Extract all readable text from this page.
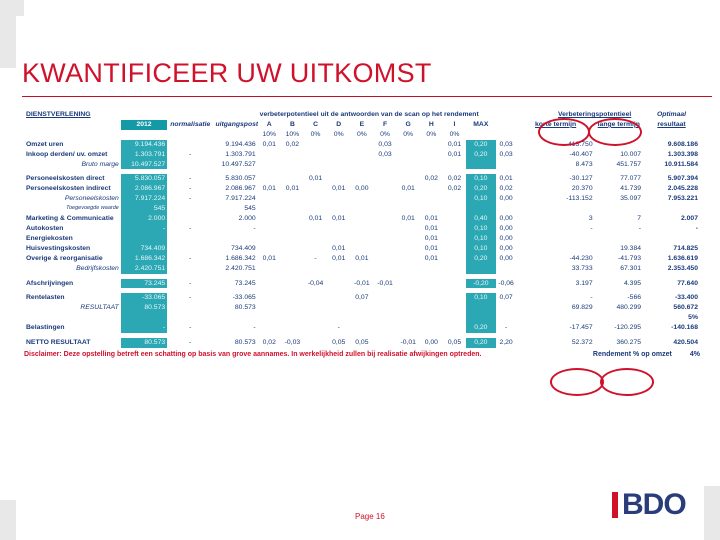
KWANTIFICEER UW UITKOMST
DIENSTVERLENING				verbeterpotentieel uit de antwoorden van de scan op het rendement												Verbeteringspotentieel		Optimaal
	2012	normalisatie	uitgangspost	A	B	C	D	E	F	G	H	I	MAX		korte termijn		lange termijn	resultaat
				10%	10%	0%	0%	0%	0%	0%	0%	0%						
Omzet uren	9.194.436		9.194.436	0,01	0,02				0,03			0,01	0,20	0,03		413.750		9.608.186
Inkoop derden/ uv. omzet	1.303.791	-	1.303.791						0,03			0,01	0,20	0,03		-40.407	10.007	1.303.398
Bruto marge	10.497.527		10.497.527													8.473	451.757	10.911.584

Personeelskosten direct	5.830.057	-	5.830.057			0,01					0,02	0,02	0,10	0,01		-30.127	77.077	5.907.394
Personeelskosten indirect	2.086.967	-	2.086.967	0,01	0,01		0,01	0,00		0,01		0,02	0,20	0,02		20.370	41.739	2.045.228
Personeelskosten	7.917.224	-	7.917.224										0,10	0,00		-113.152	35.097	7.953.221
Toegevoegde waarde	545		545															
Marketing & Communicatie	2.000		2.000			0,01	0,01			0,01	0,01		0,40	0,00		3	7	2.007
Autokosten	-	-	-								0,01		0,10	0,00		-	-	-
Energiekosten											0,01		0,10	0,00				
Huisvestingskosten	734.409		734.409				0,01				0,01		0,10	0,00			19.384	714.825
Overige & reorganisatie	1.686.342	-	1.686.342	0,01		-	0,01	0,01			0,01		0,20	0,00		-44.230	-41.793	1.636.619
Bedrijfskosten	2.420.751		2.420.751													33.733	67.301	2.353.450

Afschrijvingen	73.245	-	73.245			-0,04		-0,01	-0,01				-0,20	-0,06		3.197	4.395	77.640

Rentelasten	-33.065	-	-33.065					0,07					0,10	0,07		-	-566	-33.400
RESULTAAT	80.573		80.573													69.829	480.299	560.672
																		5%
Belastingen	-	-	-				-						0,20	-		-17.457	-120.295	-140.168

NETTO RESULTAAT	80.573	-	80.573	0,02	-0,03		0,05	0,05		-0,01	0,00	0,05	0,20	2,20		52.372	360.275	420.504
Disclaimer: Deze opstelling betreft een schatting op basis van grove aannames. In werkelijkheid zullen bij realisatie afwijkingen optreden.	Rendement % op omzet	4%
Page 16	BDO
